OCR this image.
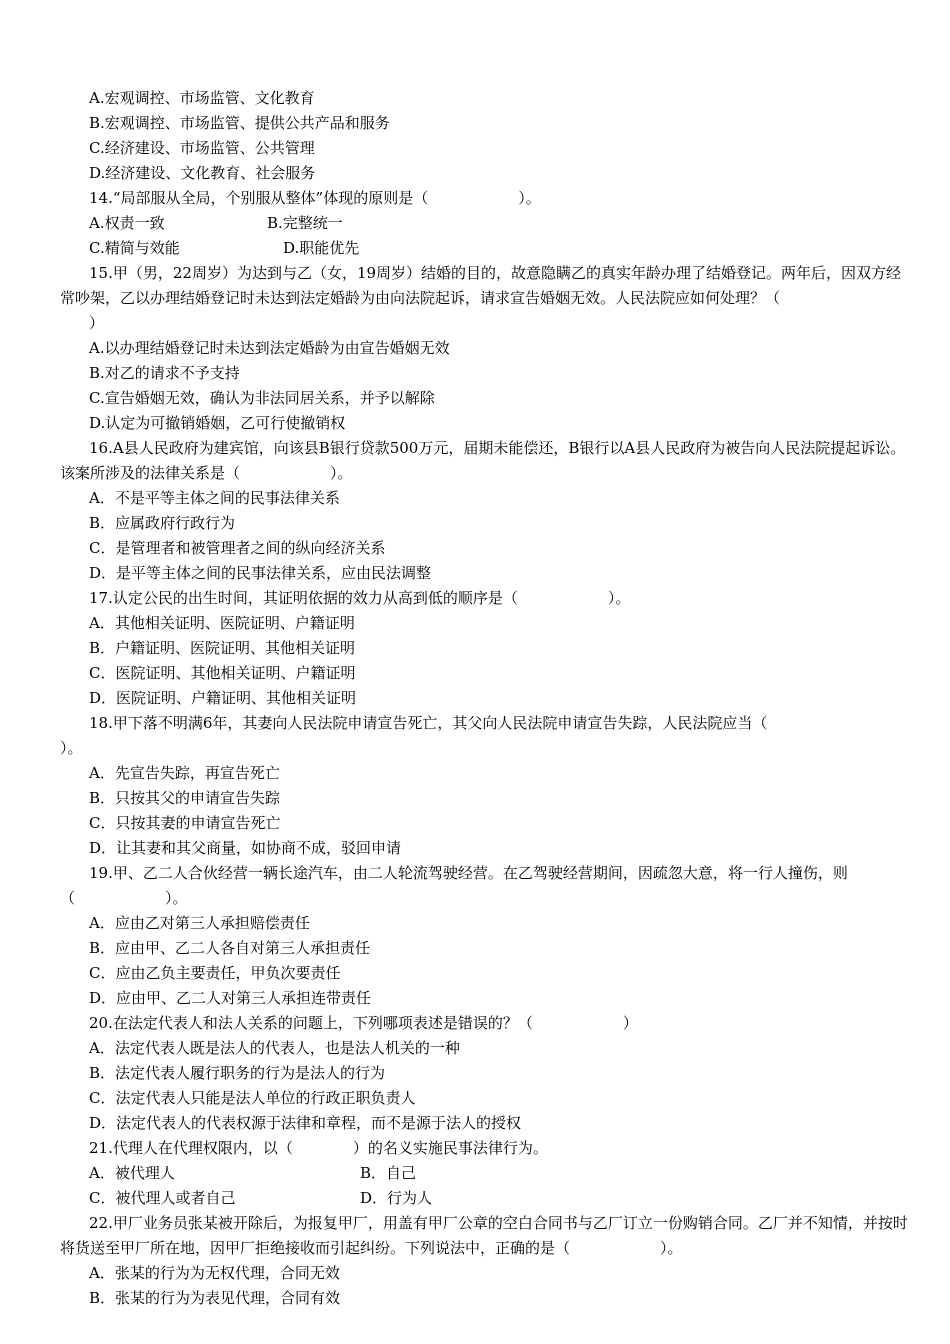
A.宏观调控、市场监管、文化教育
B.宏观调控、市场监管、提供公共产品和服务
C.经济建设、市场监管、公共管理
D.经济建设、文化教育、社会服务
14.“局部服从全局，个别服从整体”体现的原则是（　　　　　　）。
A.权责一致	B.完整统一
C.精简与效能	D.职能优先
15.甲（男，22周岁）为达到与乙（女，19周岁）结婚的目的，故意隐瞒乙的真实年龄办理了结婚登记。两年后，因双方经常吵架，乙以办理结婚登记时未达到法定婚龄为由向法院起诉，请求宣告婚姻无效。人民法院应如何处理？（
）
A.以办理结婚登记时未达到法定婚龄为由宣告婚姻无效
B.对乙的请求不予支持
C.宣告婚姻无效，确认为非法同居关系，并予以解除
D.认定为可撤销婚姻，乙可行使撤销权
16.A县人民政府为建宾馆，向该县B银行贷款500万元，届期未能偿还，B银行以A县人民政府为被告向人民法院提起诉讼。该案所涉及的法律关系是（　　　　　　）。
A．不是平等主体之间的民事法律关系
B．应属政府行政行为
C．是管理者和被管理者之间的纵向经济关系
D．是平等主体之间的民事法律关系，应由民法调整
17.认定公民的出生时间，其证明依据的效力从高到低的顺序是（　　　　　　）。
A．其他相关证明、医院证明、户籍证明
B．户籍证明、医院证明、其他相关证明
C．医院证明、其他相关证明、户籍证明
D．医院证明、户籍证明、其他相关证明
18.甲下落不明满6年，其妻向人民法院申请宣告死亡，其父向人民法院申请宣告失踪，人民法院应当（
）。
A．先宣告失踪，再宣告死亡
B．只按其父的申请宣告失踪
C．只按其妻的申请宣告死亡
D．让其妻和其父商量，如协商不成，驳回申请
19.甲、乙二人合伙经营一辆长途汽车，由二人轮流驾驶经营。在乙驾驶经营期间，因疏忽大意，将一行人撞伤，则（　　　　　　）。
A．应由乙对第三人承担赔偿责任
B．应由甲、乙二人各自对第三人承担责任
C．应由乙负主要责任，甲负次要责任
D．应由甲、乙二人对第三人承担连带责任
20.在法定代表人和法人关系的问题上，下列哪项表述是错误的？（　　　　　　）
A．法定代表人既是法人的代表人，也是法人机关的一种
B．法定代表人履行职务的行为是法人的行为
C．法定代表人只能是法人单位的行政正职负责人
D．法定代表人的代表权源于法律和章程，而不是源于法人的授权
21.代理人在代理权限内，以（　　　　）的名义实施民事法律行为。
A．被代理人	B．自己
C．被代理人或者自己	D．行为人
22.甲厂业务员张某被开除后，为报复甲厂，用盖有甲厂公章的空白合同书与乙厂订立一份购销合同。乙厂并不知情，并按时将货送至甲厂所在地，因甲厂拒绝接收而引起纠纷。下列说法中，正确的是（　　　　　　）。
A．张某的行为为无权代理，合同无效
B．张某的行为为表见代理，合同有效
